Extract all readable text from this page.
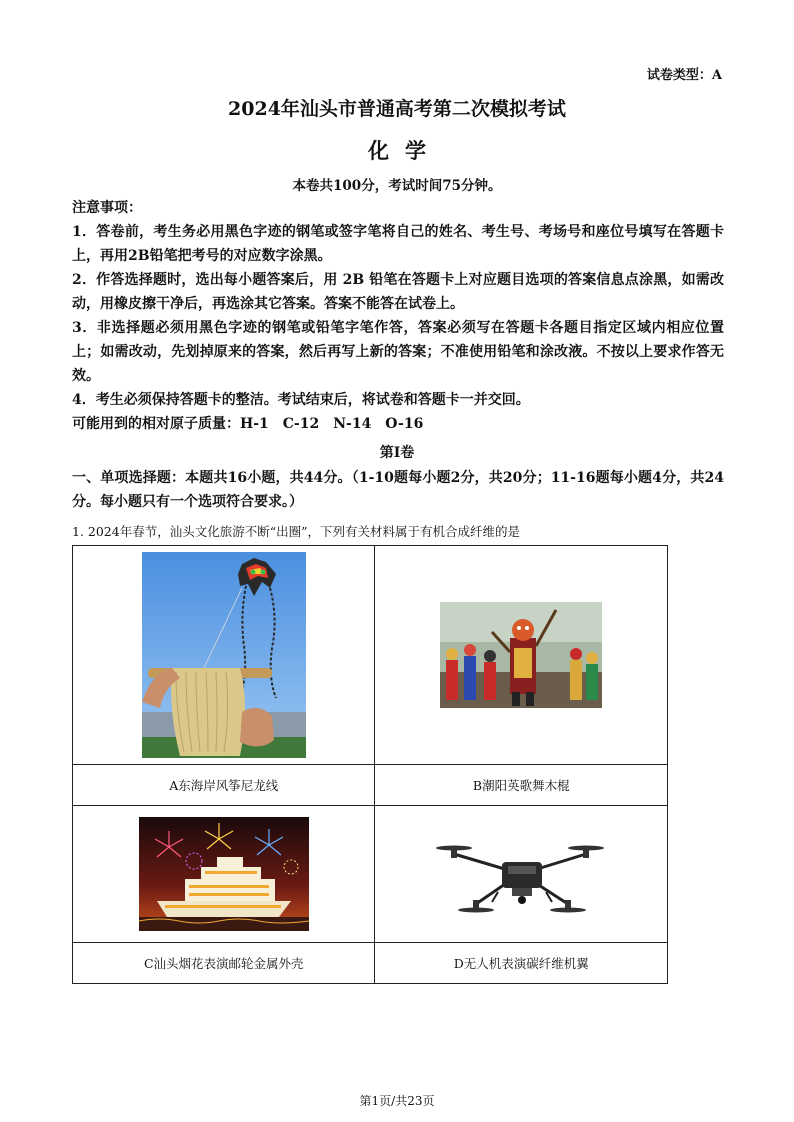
试卷类型：A
2024年汕头市普通高考第二次模拟考试
化学
本卷共100分，考试时间75分钟。
注意事项：
1．答卷前，考生务必用黑色字迹的钢笔或签字笔将自己的姓名、考生号、考场号和座位号填写在答题卡上，再用2B铅笔把考号的对应数字涂黑。
2．作答选择题时，选出每小题答案后，用 2B 铅笔在答题卡上对应题目选项的答案信息点涂黑，如需改动，用橡皮擦干净后，再选涂其它答案。答案不能答在试卷上。
3．非选择题必须用黑色字迹的钢笔或铅笔字笔作答，答案必须写在答题卡各题目指定区域内相应位置上；如需改动，先划掉原来的答案，然后再写上新的答案；不准使用铅笔和涂改液。不按以上要求作答无效。
4．考生必须保持答题卡的整洁。考试结束后，将试卷和答题卡一并交回。
可能用到的相对原子质量：H-1　C-12　N-14　O-16
第Ⅰ卷
一、单项选择题：本题共16小题，共44分。（1-10题每小题2分，共20分；11-16题每小题4分，共24分。每小题只有一个选项符合要求。）
1. 2024年春节，汕头文化旅游不断“出圈”，下列有关材料属于有机合成纤维的是

A东海岸风筝尼龙线	B潮阳英歌舞木棍

C汕头烟花表演邮轮金属外壳	D无人机表演碳纤维机翼
第1页/共23页
